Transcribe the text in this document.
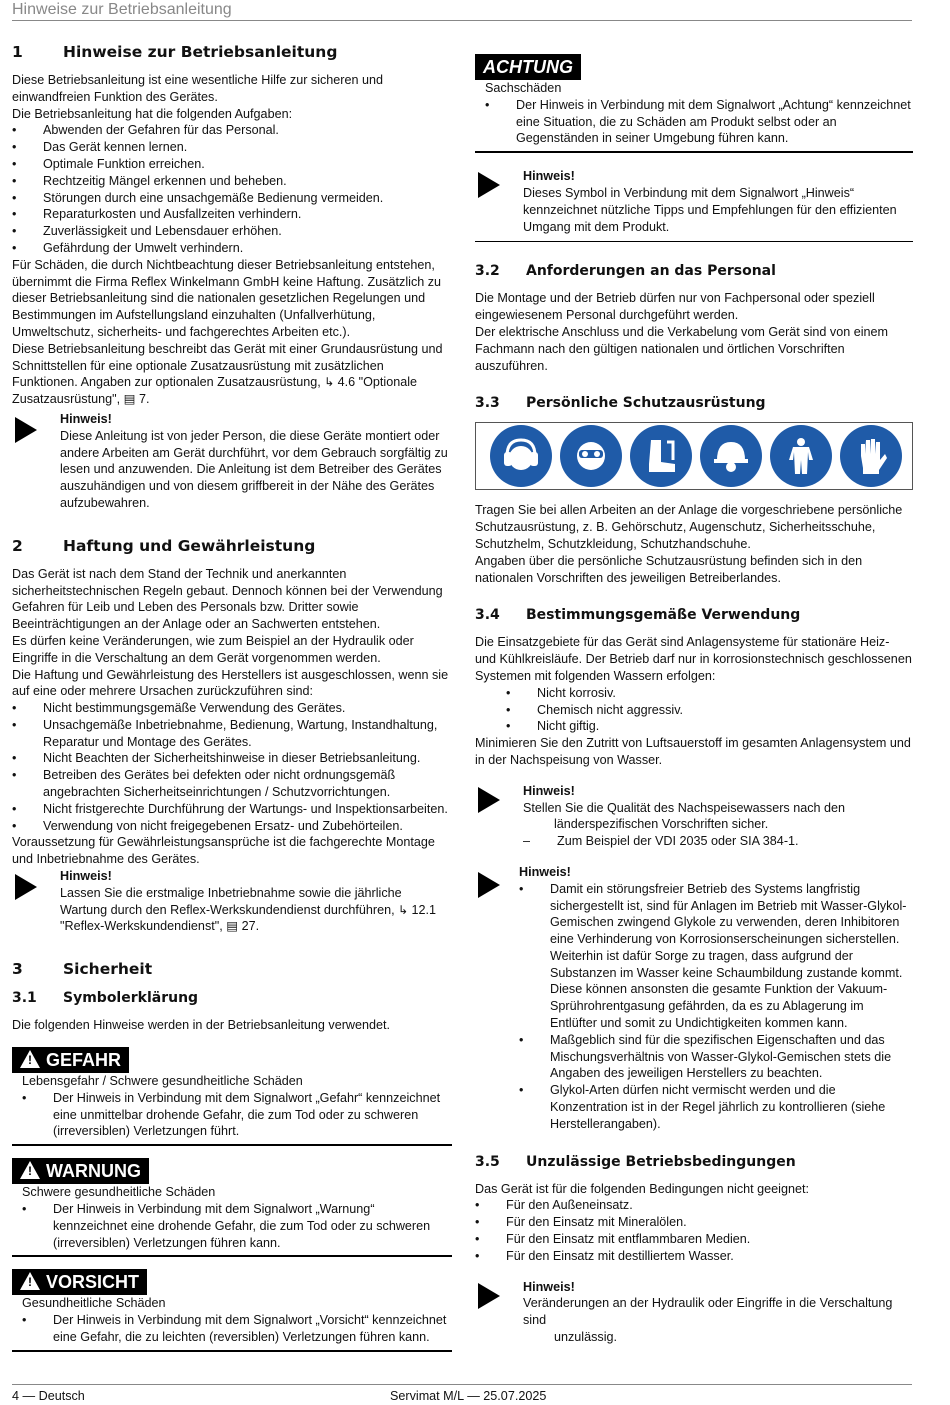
Hinweise zur Betriebsanleitung
1	Hinweise zur Betriebsanleitung

Diese Betriebsanleitung ist eine wesentliche Hilfe zur sicheren und einwandfreien Funktion des Gerätes.

Die Betriebsanleitung hat die folgenden Aufgaben:

• Abwenden der Gefahren für das Personal.
• Das Gerät kennen lernen.
• Optimale Funktion erreichen.
• Rechtzeitig Mängel erkennen und beheben.
• Störungen durch eine unsachgemäße Bedienung vermeiden.
• Reparaturkosten und Ausfallzeiten verhindern.
• Zuverlässigkeit und Lebensdauer erhöhen.
• Gefährdung der Umwelt verhindern.

Für Schäden, die durch Nichtbeachtung dieser Betriebsanleitung entstehen, übernimmt die Firma Reflex Winkelmann GmbH keine Haftung. Zusätzlich zu dieser Betriebsanleitung sind die nationalen gesetzlichen Regelungen und Bestimmungen im Aufstellungsland einzuhalten (Unfallverhütung, Umweltschutz, sicherheits- und fachgerechtes Arbeiten etc.).

Diese Betriebsanleitung beschreibt das Gerät mit einer Grundausrüstung und Schnittstellen für eine optionale Zusatzausrüstung mit zusätzlichen Funktionen. Angaben zur optionalen Zusatzausrüstung, ↳ 4.6 "Optionale Zusatzausrüstung", ▤ 7.

Hinweis!
Diese Anleitung ist von jeder Person, die diese Geräte montiert oder andere Arbeiten am Gerät durchführt, vor dem Gebrauch sorgfältig zu lesen und anzuwenden. Die Anleitung ist dem Betreiber des Gerätes auszuhändigen und von diesem griffbereit in der Nähe des Gerätes aufzubewahren.
2	Haftung und Gewährleistung

Das Gerät ist nach dem Stand der Technik und anerkannten sicherheitstechnischen Regeln gebaut. Dennoch können bei der Verwendung Gefahren für Leib und Leben des Personals bzw. Dritter sowie Beeinträchtigungen an der Anlage oder an Sachwerten entstehen.

Es dürfen keine Veränderungen, wie zum Beispiel an der Hydraulik oder Eingriffe in die Verschaltung an dem Gerät vorgenommen werden.

Die Haftung und Gewährleistung des Herstellers ist ausgeschlossen, wenn sie auf eine oder mehrere Ursachen zurückzuführen sind:

• Nicht bestimmungsgemäße Verwendung des Gerätes.
• Unsachgemäße Inbetriebnahme, Bedienung, Wartung, Instandhaltung, Reparatur und Montage des Gerätes.
• Nicht Beachten der Sicherheitshinweise in dieser Betriebsanleitung.
• Betreiben des Gerätes bei defekten oder nicht ordnungsgemäß angebrachten Sicherheitseinrichtungen / Schutzvorrichtungen.
• Nicht fristgerechte Durchführung der Wartungs- und Inspektionsarbeiten.
• Verwendung von nicht freigegebenen Ersatz- und Zubehörteilen.

Voraussetzung für Gewährleistungsansprüche ist die fachgerechte Montage und Inbetriebnahme des Gerätes.

Hinweis!
Lassen Sie die erstmalige Inbetriebnahme sowie die jährliche Wartung durch den Reflex-Werkskundendienst durchführen, ↳ 12.1 "Reflex-Werkskundendienst", ▤ 27.
3	Sicherheit
3.1 Symbolerklärung

Die folgenden Hinweise werden in der Betriebsanleitung verwendet.

! GEFAHR
Lebensgefahr / Schwere gesundheitliche Schäden
• Der Hinweis in Verbindung mit dem Signalwort „Gefahr“ kennzeichnet eine unmittelbar drohende Gefahr, die zum Tod oder zu schweren (irreversiblen) Verletzungen führt.
! WARNUNG
Schwere gesundheitliche Schäden
• Der Hinweis in Verbindung mit dem Signalwort „Warnung“ kennzeichnet eine drohende Gefahr, die zum Tod oder zu schweren (irreversiblen) Verletzungen führen kann.
! VORSICHT
Gesundheitliche Schäden
• Der Hinweis in Verbindung mit dem Signalwort „Vorsicht“ kennzeichnet eine Gefahr, die zu leichten (reversiblen) Verletzungen führen kann.
ACHTUNG
Sachschäden
• Der Hinweis in Verbindung mit dem Signalwort „Achtung“ kennzeichnet eine Situation, die zu Schäden am Produkt selbst oder an Gegenständen in seiner Umgebung führen kann.
Hinweis!
Dieses Symbol in Verbindung mit dem Signalwort „Hinweis“ kennzeichnet nützliche Tipps und Empfehlungen für den effizienten Umgang mit dem Produkt.
3.2 Anforderungen an das Personal

Die Montage und der Betrieb dürfen nur von Fachpersonal oder speziell eingewiesenem Personal durchgeführt werden.

Der elektrische Anschluss und die Verkabelung vom Gerät sind von einem Fachmann nach den gültigen nationalen und örtlichen Vorschriften auszuführen.

3.3 Persönliche Schutzausrüstung

Tragen Sie bei allen Arbeiten an der Anlage die vorgeschriebene persönliche Schutzausrüstung, z. B. Gehörschutz, Augenschutz, Sicherheitsschuhe, Schutzhelm, Schutzkleidung, Schutzhandschuhe.

Angaben über die persönliche Schutzausrüstung befinden sich in den nationalen Vorschriften des jeweiligen Betreiberlandes.

3.4 Bestimmungsgemäße Verwendung

Die Einsatzgebiete für das Gerät sind Anlagensysteme für stationäre Heiz- und Kühlkreisläufe. Der Betrieb darf nur in korrosionstechnisch geschlossenen Systemen mit folgenden Wassern erfolgen:

• Nicht korrosiv.
• Chemisch nicht aggressiv.
• Nicht giftig.

Minimieren Sie den Zutritt von Luftsauerstoff im gesamten Anlagensystem und in der Nachspeisung von Wasser.

Hinweis!
Stellen Sie die Qualität des Nachspeisewassers nach den
länderspezifischen Vorschriften sicher.
– Zum Beispiel der VDI 2035 oder SIA 384-1.
Hinweis!
• Damit ein störungsfreier Betrieb des Systems langfristig sichergestellt ist, sind für Anlagen im Betrieb mit Wasser-Glykol-Gemischen zwingend Glykole zu verwenden, deren Inhibitoren eine Verhinderung von Korrosionserscheinungen sicherstellen. Weiterhin ist dafür Sorge zu tragen, dass aufgrund der Substanzen im Wasser keine Schaumbildung zustande kommt. Diese können ansonsten die gesamte Funktion der Vakuum-Sprührohrentgasung gefährden, da es zu Ablagerung im Entlüfter und somit zu Undichtigkeiten kommen kann.
• Maßgeblich sind für die spezifischen Eigenschaften und das Mischungsverhältnis von Wasser-Glykol-Gemischen stets die Angaben des jeweiligen Herstellers zu beachten.
• Glykol-Arten dürfen nicht vermischt werden und die Konzentration ist in der Regel jährlich zu kontrollieren (siehe Herstellerangaben).
3.5 Unzulässige Betriebsbedingungen

Das Gerät ist für die folgenden Bedingungen nicht geeignet:

• Für den Außeneinsatz.
• Für den Einsatz mit Mineralölen.
• Für den Einsatz mit entflammbaren Medien.
• Für den Einsatz mit destilliertem Wasser.
Hinweis!
Veränderungen an der Hydraulik oder Eingriffe in die Verschaltung sind
unzulässig.
4 — Deutsch	Servimat M/L — 25.07.2025
